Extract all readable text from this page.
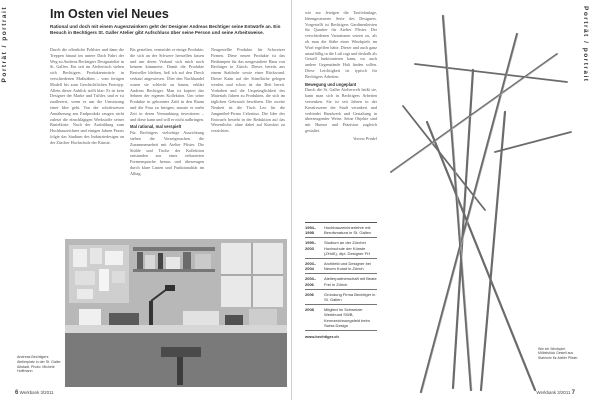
Porträt / portrait	Im Osten viel Neues
Rational und doch mit einem Augenzwinkern geht der Designer Andreas Bechtiger seine Entwürfe an. Ein Besuch in Bechtigers St. Galler Atelier gibt Aufschluss über seine Person und seine Arbeitsweise.
Durch die offenliche Pohlster und dann die Treppen hinauf ins untere Dach Fahrt der Weg zu Andreas Bechtigers Designatelier in St. Gallen. Ein seit im Ateliertisch stehen sich Bechtigers Produktentwürfe in verschiedenen Maßstäben – vom fertigen Modell bis zum Geschichtlichen Prototyp. Allein dieser Anblick stellt klar: Er ist kein Designer der Marke und Tüftler, und er ist zuallererst, wenn es um die Umsetzung einer Idee geht. Von der schrittweisen Annäherung ans Endprodukt zeugen nicht zuletzt die einschlägigen Werkstoffe seiner Bastelkiste. Nach der Ausbildung zum Hochbauzeichner und einigen Jahren Praxis folgte das Studium des Industriedesigns an der Zürcher Hochschule der Künste.
Bis gestelten, vermeidet er einige Produkte, die sich an der Schwere herstellen lassen und um deren Verkauf sich mich noch keinem kümmerte. Damit die Produkte Bestseller bleiben, ließ ich auf den Dreck verkauf angewiesen. Über den Nachhandel waren sie schlecht zu bauen, erklärt Andreas Bechtiger. Man ist kopiert das Sehnen der eigenen Kollektion. Um seine Produkte in gekonnter Zahl in den Raum und die Frau zu bringen, musste er mehr Zeit in deren Vermarktung investieren – und diese kann und will er nicht aufbringen.
Mal rational, mal verspielt
Für Bechtigers vielseitige Ausrichtung stehen die Vorzeigesachen die Zusammenarbeit mit Atelier Pfister. Die Stühle und Tische der Kollektion entstanden aus einer reduzierten Formensprache heraus und überzeugen durch klare Linien und Funktionalität im Alltag.
Neugestellte Produkte für Schweizer Firmen. Diese neuen Produkte ist das Bettlampen für das neugestaltete Haus von Bechtiger in Zürich. Dieses bereits aus einem Stahlrohr sowie einer Rückwand. Dieser Kann auf der Stirnfläche gelegen werden und schon ist das Bett bereit. Vorhaben und die Ursprünglichkeit des Materials führen zu Produkten, die sich im täglichen Gebrauch bewähren. Die zweite Neuheit ist die Tisch Leo für die Jungmöbel-Firma Celestino. Die Idee des Entwurfs besteht in der Reduktion auf das Wesentliche, ohne dabei auf Komfort zu verzichten.
Andreas Bechtigers Atelierplatz in der St. Galler Altstadt. Photo: Michele Hoffmann
6 Werkbank 3/2011
Porträt / portrait
wie zur Jetzigen die Taxifolanlage, Ideengesteuerte Serie des Designers. Vorgestellt ist Bechtigers Gardinenleisten für Quartier für Atelier Pfister. Der verschiedenen Variationen setzen zu, als ob man die Stäbe eines Windspiels im Wurf ergriffen hätte. Dieser und auch ganz unauffällig in die Luft ragt und deshalb als Gestell funktionieren kann, wo auch andere Gegenstände Halt finden sollen. Diese Leichtigkeit ist typisch für Bechtigers Arbeiten.
Bewegung und ungeplant
Durch die St. Galler Atelierwelt heißt sie, kann man sich in Bechtigers Arbeiten versenken. Sie ist seit Jahren in der Kreativszene der Stadt verankert und verbindet Handwerk und Gestaltung in überzeugender Weise. Seine Objekte sind mit Humor und Präzision zugleich gestaltet.
Verena Pradel
1994–1998
Hochbauzeichnerlehre mit Berufsmatura in St. Gallen
1999–2003
Studium an der Zürcher Hochschule der Künste (ZHdK), dipl. Designer FH
2003–2004
Architekt und Designer bei Neuen Kunst in Zürich
2003–2006
Atelierpartnerschaft mit Beate Frei in Zürich
2006	Gründung Firma Bechtiger in St. Gallen
2008	Mitglied im Schweizer Werkbund SWB, Kennzeichnungsfeld beim Swiss Design
www.bechtiger.ch
Wie ein Windspiel: Möbelstück Gestell aus Stahlrohr für Atelier Pfister
Werkbank 3/2011 7
